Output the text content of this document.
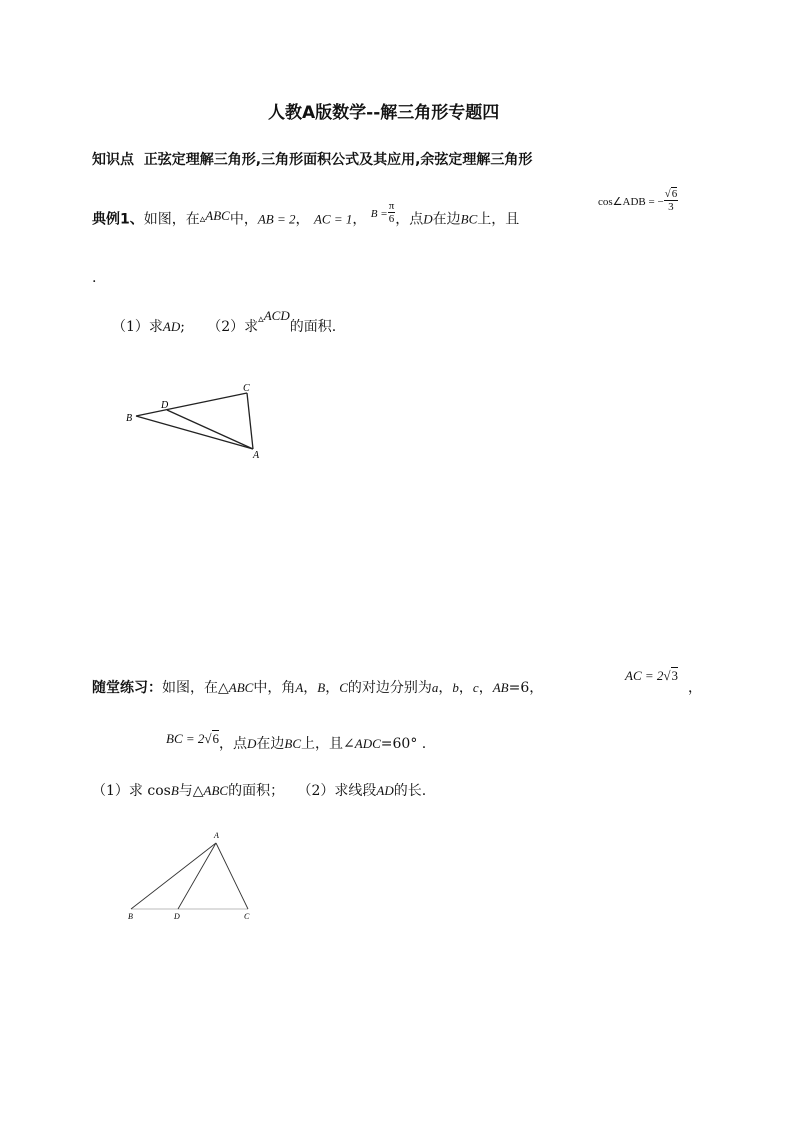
人教A版数学--解三角形专题四
知识点 正弦定理解三角形,三角形面积公式及其应用,余弦定理解三角形
典例1、如图，在▵ABC中，AB = 2， AC = 1， $^{B =} \frac{\pi}{6}$ ，点D在边BC上，且
cos∠ADB = − $\frac{√6}{3}$
.
（1）求AD; （2）求▵ACD的面积.
B
D
C
A
随堂练习：如图，在△ABC中，角A，B，C的对边分别为a，b，c，AB=6，
AC = 2√3
，
BC = 2√6，点D在边BC上，且∠ADC=60° .
（1）求 cosB与△ABC的面积； （2）求线段AD的长.
A
B	D	C
